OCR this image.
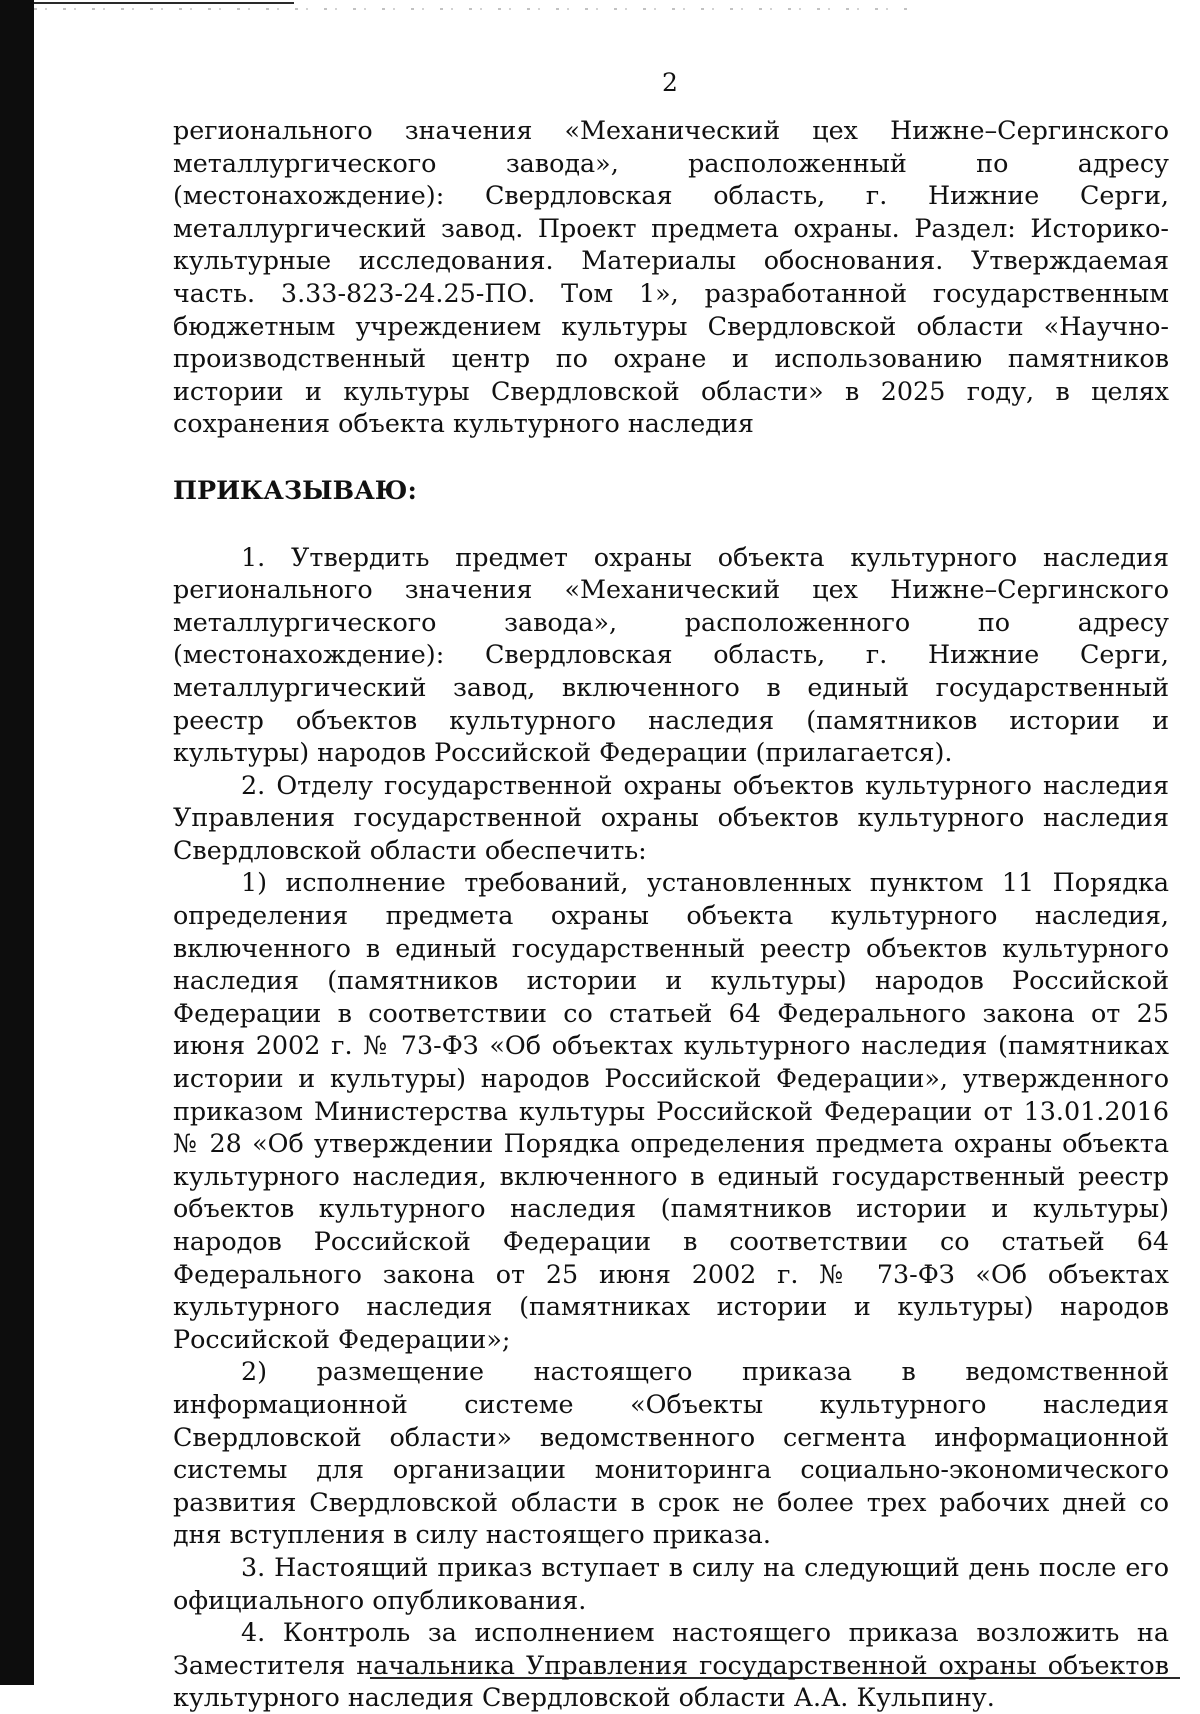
2

регионального значения «Механический цех Нижне–Сергинского металлургического завода», расположенный по адресу (местонахождение): Свердловская область, г. Нижние Серги, металлургический завод. Проект предмета охраны. Раздел: Историко-культурные исследования. Материалы обоснования. Утверждаемая часть. 3.33-823-24.25-ПО. Том 1», разработанной государственным бюджетным учреждением культуры Свердловской области «Научно-производственный центр по охране и использованию памятников истории и культуры Свердловской области» в 2025 году, в целях сохранения объекта культурного наследия

ПРИКАЗЫВАЮ:

1. Утвердить предмет охраны объекта культурного наследия регионального значения «Механический цех Нижне–Сергинского металлургического завода», расположенного по адресу (местонахождение): Свердловская область, г. Нижние Серги, металлургический завод, включенного в единый государственный реестр объектов культурного наследия (памятников истории и культуры) народов Российской Федерации (прилагается).

2. Отделу государственной охраны объектов культурного наследия Управления государственной охраны объектов культурного наследия Свердловской области обеспечить:

1) исполнение требований, установленных пунктом 11 Порядка определения предмета охраны объекта культурного наследия, включенного в единый государственный реестр объектов культурного наследия (памятников истории и культуры) народов Российской Федерации в соответствии со статьей 64 Федерального закона от 25 июня 2002 г. № 73-ФЗ «Об объектах культурного наследия (памятниках истории и культуры) народов Российской Федерации», утвержденного приказом Министерства культуры Российской Федерации от 13.01.2016 № 28 «Об утверждении Порядка определения предмета охраны объекта культурного наследия, включенного в единый государственный реестр объектов культурного наследия (памятников истории и культуры) народов Российской Федерации в соответствии со статьей 64 Федерального закона от 25 июня 2002 г. № 73-ФЗ «Об объектах культурного наследия (памятниках истории и культуры) народов Российской Федерации»;

2) размещение настоящего приказа в ведомственной информационной системе «Объекты культурного наследия Свердловской области» ведомственного сегмента информационной системы для организации мониторинга социально-экономического развития Свердловской области в срок не более трех рабочих дней со дня вступления в силу настоящего приказа.

3. Настоящий приказ вступает в силу на следующий день после его официального опубликования.

4. Контроль за исполнением настоящего приказа возложить на Заместителя начальника Управления государственной охраны объектов культурного наследия Свердловской области А.А. Кульпину.
